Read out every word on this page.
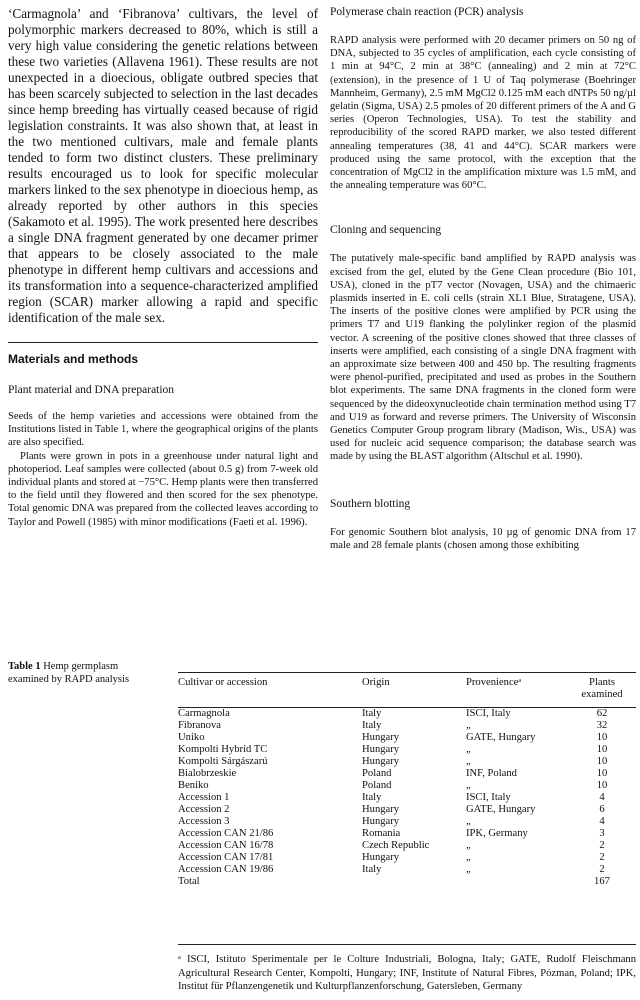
‘Carmagnola’ and ‘Fibranova’ cultivars, the level of polymorphic markers decreased to 80%, which is still a very high value considering the genetic relations between these two varieties (Allavena 1961). These results are not unexpected in a dioecious, obligate outbred species that has been scarcely subjected to selection in the last decades since hemp breeding has virtually ceased because of rigid legislation constraints. It was also shown that, at least in the two mentioned cultivars, male and female plants tended to form two distinct clusters. These preliminary results encouraged us to look for specific molecular markers linked to the sex phenotype in dioecious hemp, as already reported by other authors in this species (Sakamoto et al. 1995). The work presented here describes a single DNA fragment generated by one decamer primer that appears to be closely associated to the male phenotype in different hemp cultivars and accessions and its transformation into a sequence-characterized amplified region (SCAR) marker allowing a rapid and specific identification of the male sex.

Materials and methods

Plant material and DNA preparation

Seeds of the hemp varieties and accessions were obtained from the Institutions listed in Table 1, where the geographical origins of the plants are also specified.

Plants were grown in pots in a greenhouse under natural light and photoperiod. Leaf samples were collected (about 0.5 g) from 7-week old individual plants and stored at −75°C. Hemp plants were then transferred to the field until they flowered and then scored for the sex phenotype. Total genomic DNA was prepared from the collected leaves according to Taylor and Powell (1985) with minor modifications (Faeti et al. 1996).

Polymerase chain reaction (PCR) analysis

RAPD analysis were performed with 20 decamer primers on 50 ng of DNA, subjected to 35 cycles of amplification, each cycle consisting of 1 min at 94°C, 2 min at 38°C (annealing) and 2 min at 72°C (extension), in the presence of 1 U of Taq polymerase (Boehringer Mannheim, Germany), 2.5 mM MgCl2 0.125 mM each dNTPs 50 ng/µl gelatin (Sigma, USA) 2.5 pmoles of 20 different primers of the A and G series (Operon Technologies, USA). To test the stability and reproducibility of the scored RAPD marker, we also tested different annealing temperatures (38, 41 and 44°C). SCAR markers were produced using the same protocol, with the exception that the concentration of MgCl2 in the amplification mixture was 1.5 mM, and the annealing temperature was 60°C.

Cloning and sequencing

The putatively male-specific band amplified by RAPD analysis was excised from the gel, eluted by the Gene Clean procedure (Bio 101, USA), cloned in the pT7 vector (Novagen, USA) and the chimaeric plasmids inserted in E. coli cells (strain XL1 Blue, Stratagene, USA). The inserts of the positive clones were amplified by PCR using the primers T7 and U19 flanking the polylinker region of the plasmid vector. A screening of the positive clones showed that three classes of inserts were amplified, each consisting of a single DNA fragment with an approximate size between 400 and 450 bp. The resulting fragments were phenol-purified, precipitated and used as probes in the Southern blot experiments. The same DNA fragments in the cloned form were sequenced by the dideoxynucleotide chain termination method using T7 and U19 as forward and reverse primers. The University of Wisconsin Genetics Computer Group program library (Madison, Wis., USA) was used for nucleic acid sequence comparison; the database search was made by using the BLAST algorithm (Altschul et al. 1990).

Southern blotting

For genomic Southern blot analysis, 10 µg of genomic DNA from 17 male and 28 female plants (chosen among those exhibiting

Table 1 Hemp germplasm examined by RAPD analysis	Cultivar or accession	Origin	Provenienceᵃ	Plants examined
Carmagnola	Italy	ISCI, Italy	62
Fibranova	Italy	„	32
Uniko	Hungary	GATE, Hungary	10
Kompolti Hybrid TC	Hungary	„	10
Kompolti Sárgászarú	Hungary	„	10
Bialobrzeskie	Poland	INF, Poland	10
Beniko	Poland	„	10
Accession 1	Italy	ISCI, Italy	4
Accession 2	Hungary	GATE, Hungary	6
Accession 3	Hungary	„	4
Accession CAN 21/86	Romania	IPK, Germany	3
Accession CAN 16/78	Czech Republic	„	2
Accession CAN 17/81	Hungary	„	2
Accession CAN 19/86	Italy	„	2
Total			167
ᵃ ISCI, Istituto Sperimentale per le Colture Industriali, Bologna, Italy; GATE, Rudolf Fleischmann Agricultural Research Center, Kompolti, Hungary; INF, Institute of Natural Fibres, Pózman, Poland; IPK, Institut für Pflanzengenetik und Kulturpflanzenforschung, Gatersleben, Germany
